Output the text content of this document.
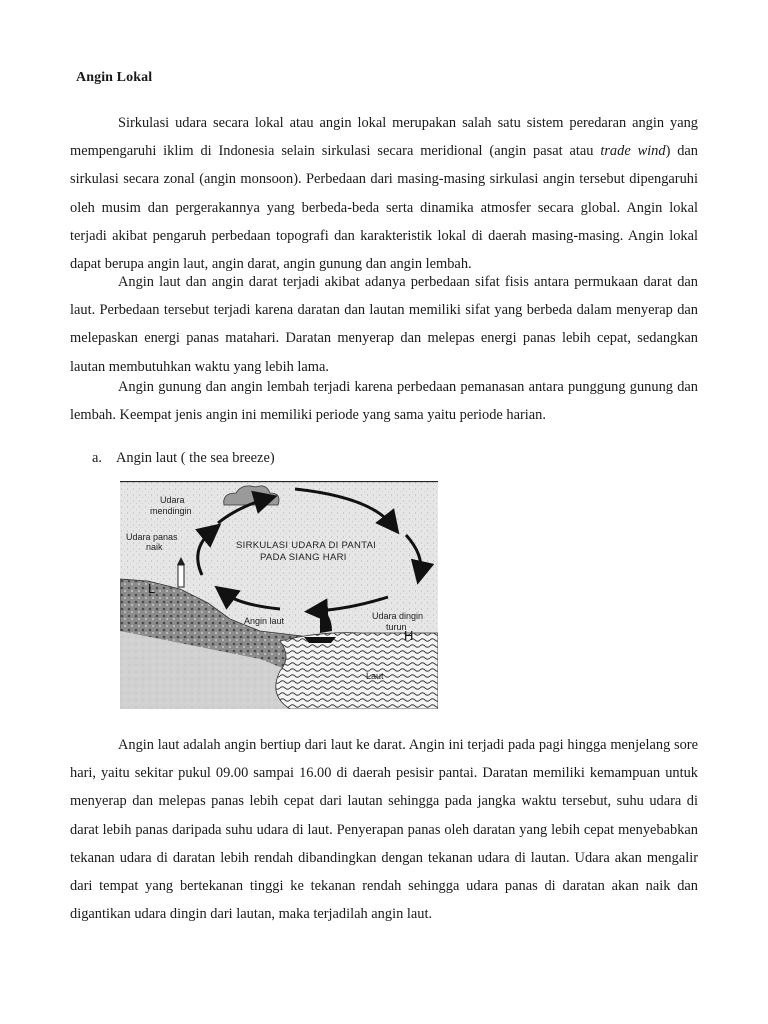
Angin Lokal

Sirkulasi udara secara lokal atau angin lokal merupakan salah satu sistem peredaran angin yang mempengaruhi iklim di Indonesia selain sirkulasi secara meridional (angin pasat atau trade wind) dan sirkulasi secara zonal (angin monsoon). Perbedaan dari masing-masing sirkulasi angin tersebut dipengaruhi oleh musim dan pergerakannya yang berbeda-beda serta dinamika atmosfer secara global. Angin lokal terjadi akibat pengaruh perbedaan topografi dan karakteristik lokal di daerah masing-masing. Angin lokal dapat berupa angin laut, angin darat, angin gunung dan angin lembah.

Angin laut dan angin darat terjadi akibat adanya perbedaan sifat fisis antara permukaan darat dan laut. Perbedaan tersebut terjadi karena daratan dan lautan memiliki sifat yang berbeda dalam menyerap dan melepaskan energi panas matahari. Daratan menyerap dan melepas energi panas lebih cepat, sedangkan lautan membutuhkan waktu yang lebih lama.

Angin gunung dan angin lembah terjadi karena perbedaan pemanasan antara punggung gunung dan lembah. Keempat jenis angin ini memiliki periode yang sama yaitu periode harian.

a. Angin laut ( the sea breeze)
SIRKULASI UDARA DI PANTAI
PADA SIANG HARI
Udara
mendingin
Udara panas
naik
Angin laut	Udara dingin
turun
Laut
L
H

Angin laut adalah angin bertiup dari laut ke darat. Angin ini terjadi pada pagi hingga menjelang sore hari, yaitu sekitar pukul 09.00 sampai 16.00 di daerah pesisir pantai. Daratan memiliki kemampuan untuk menyerap dan melepas panas lebih cepat dari lautan sehingga pada jangka waktu tersebut, suhu udara di darat lebih panas daripada suhu udara di laut. Penyerapan panas oleh daratan yang lebih cepat menyebabkan tekanan udara di daratan lebih rendah dibandingkan dengan tekanan udara di lautan. Udara akan mengalir dari tempat yang bertekanan tinggi ke tekanan rendah sehingga udara panas di daratan akan naik dan digantikan udara dingin dari lautan, maka terjadilah angin laut.
